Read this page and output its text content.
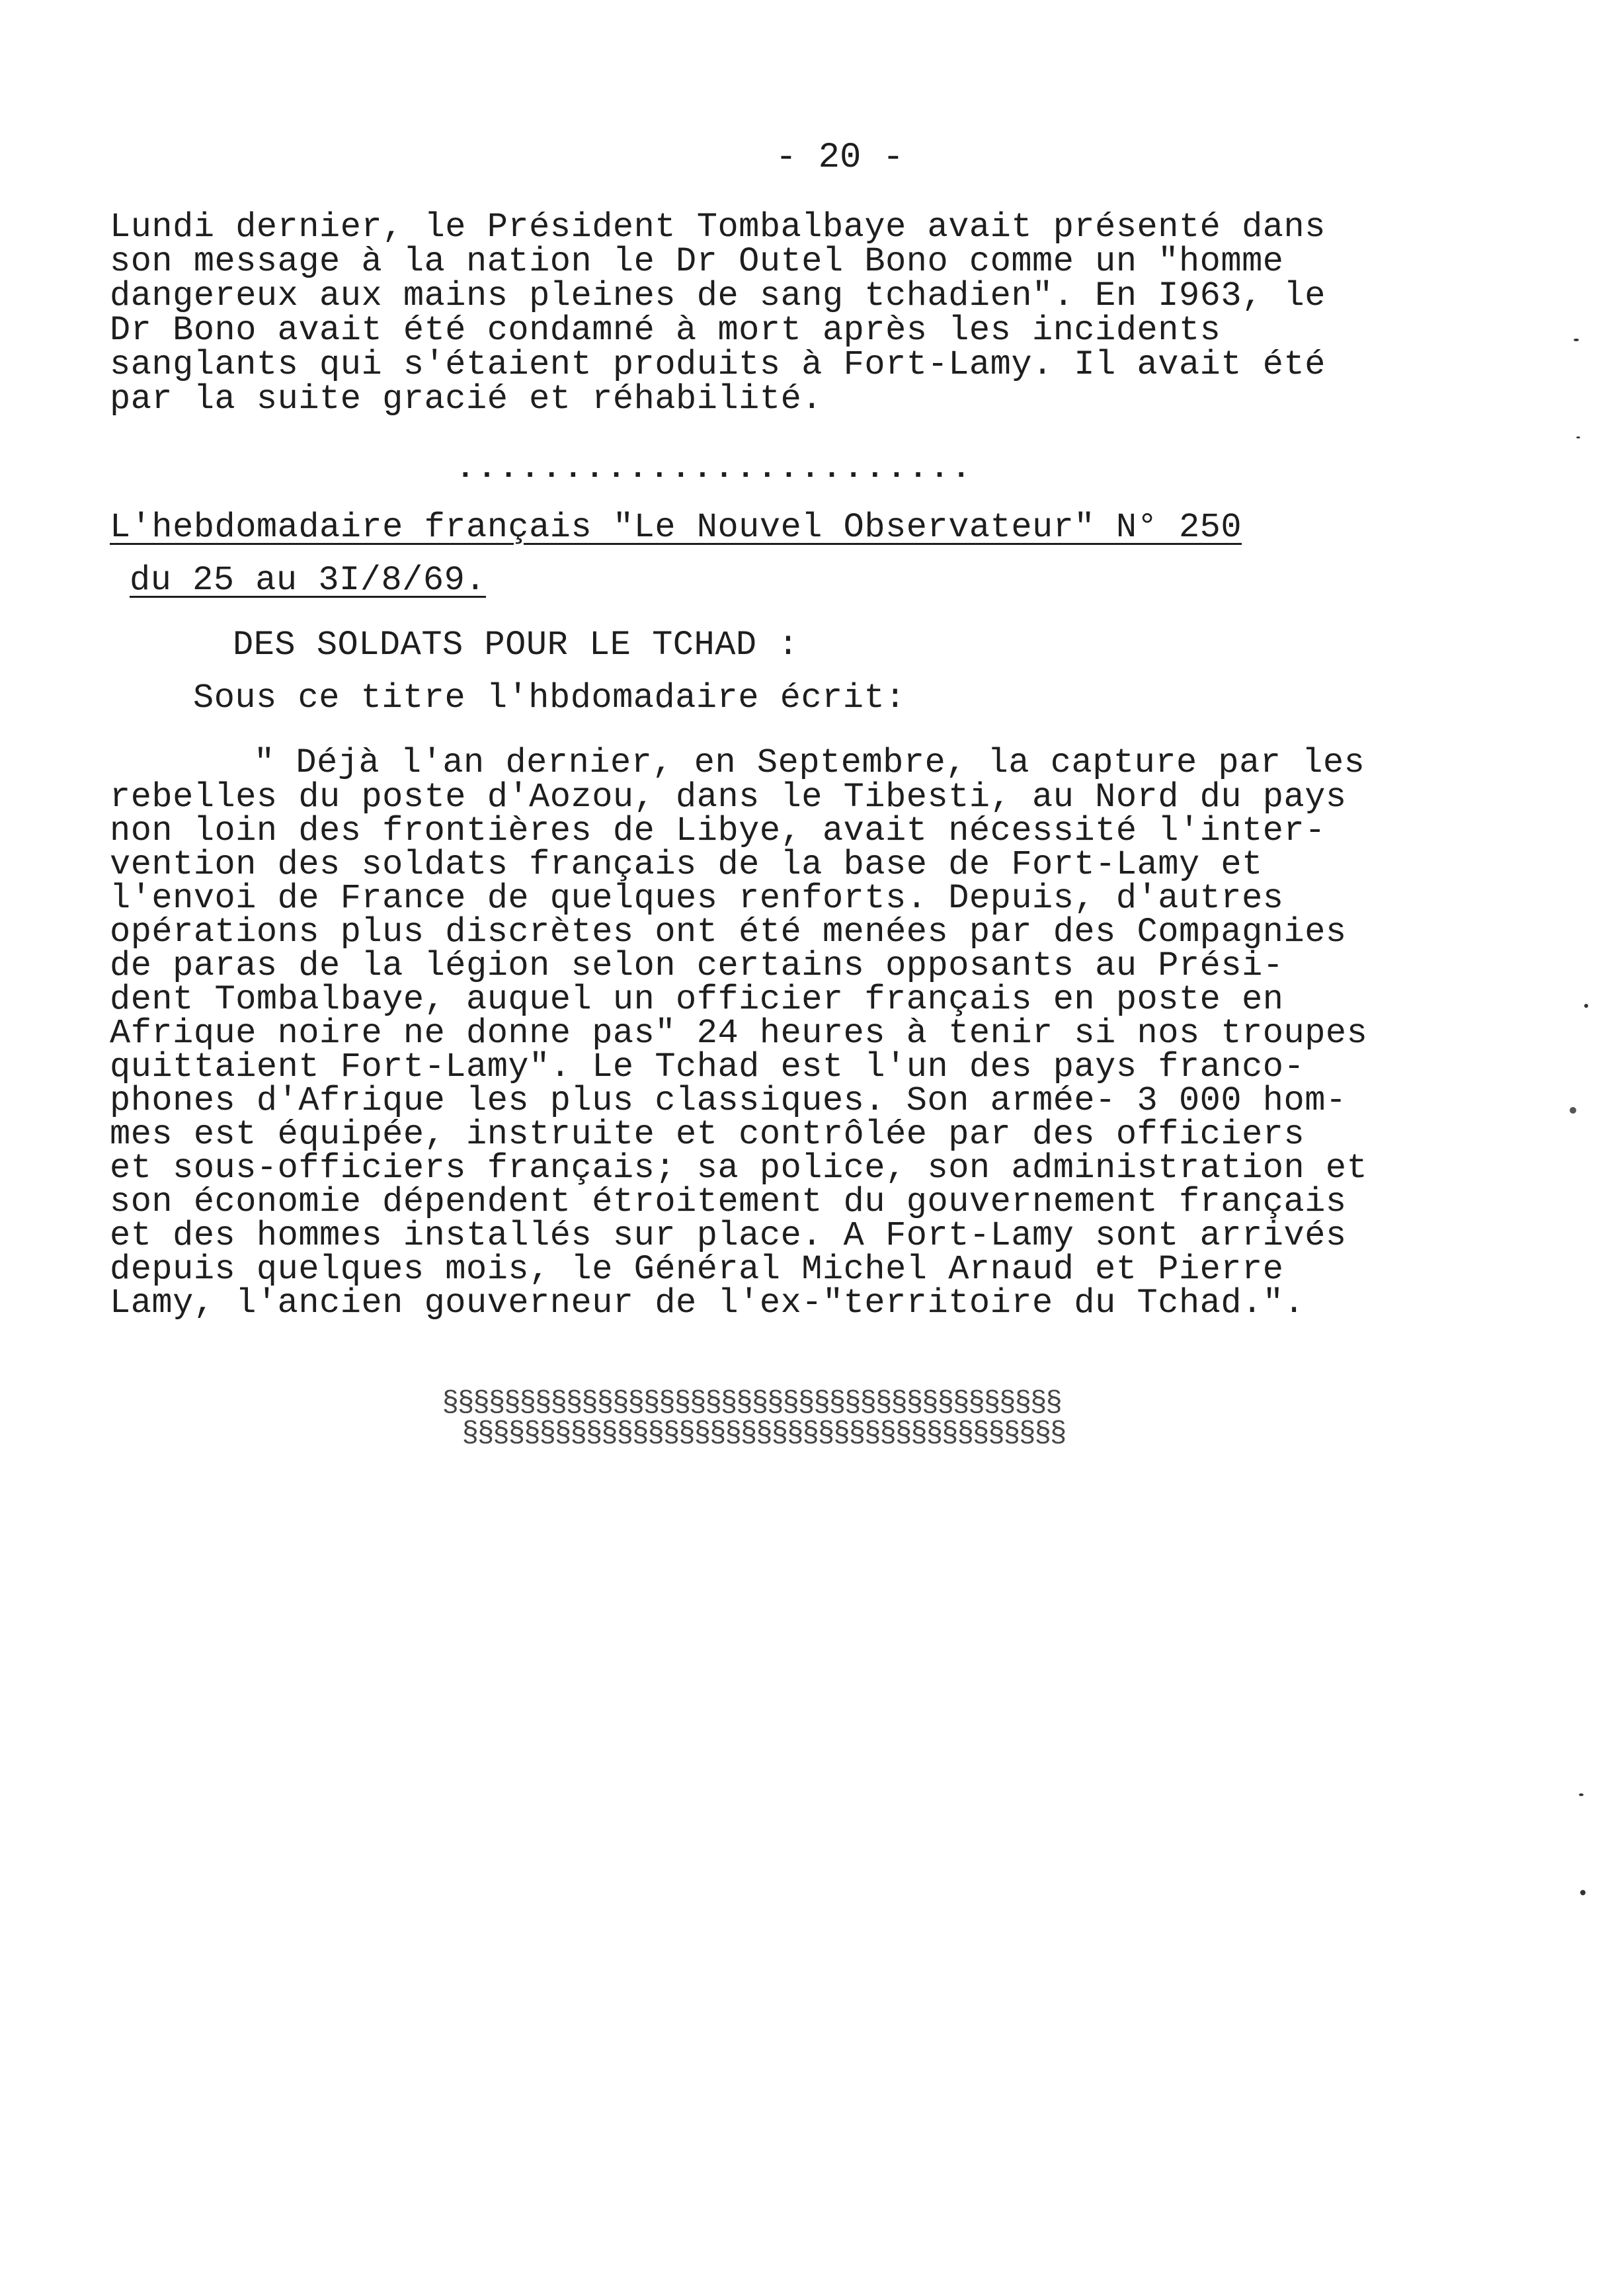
- 20 -
Lundi dernier, le Président Tombalbaye avait présenté dans
son message à la nation le Dr Outel Bono comme un "homme
dangereux aux mains pleines de sang tchadien". En I963, le
Dr Bono avait été condamné à mort après les incidents
sanglants qui s'étaient produits à Fort-Lamy. Il avait été
par la suite gracié et réhabilité.
........................
L'hebdomadaire français "Le Nouvel Observateur" N° 250
du 25 au 3I/8/69.
DES SOLDATS POUR LE TCHAD :
Sous ce titre l'hbdomadaire écrit:
" Déjà l'an dernier, en Septembre, la capture par les
rebelles du poste d'Aozou, dans le Tibesti, au Nord du pays
non loin des frontières de Libye, avait nécessité l'inter-
vention des soldats français de la base de Fort-Lamy et
l'envoi de France de quelques renforts. Depuis, d'autres
opérations plus discrètes ont été menées par des Compagnies
de paras de la légion selon certains opposants au Prési-
dent Tombalbaye, auquel un officier français en poste en
Afrique noire ne donne pas" 24 heures à tenir si nos troupes
quittaient Fort-Lamy". Le Tchad est l'un des pays franco-
phones d'Afrique les plus classiques. Son armée- 3 000 hom-
mes est équipée, instruite et contrôlée par des officiers
et sous-officiers français; sa police, son administration et
son économie dépendent étroitement du gouvernement français
et des hommes installés sur place. A Fort-Lamy sont arrivés
depuis quelques mois, le Général Michel Arnaud et Pierre
Lamy, l'ancien gouverneur de l'ex-"territoire du Tchad.".
§§§§§§§§§§§§§§§§§§§§§§§§§§§§§§§§§§§§§§§§
§§§§§§§§§§§§§§§§§§§§§§§§§§§§§§§§§§§§§§§
